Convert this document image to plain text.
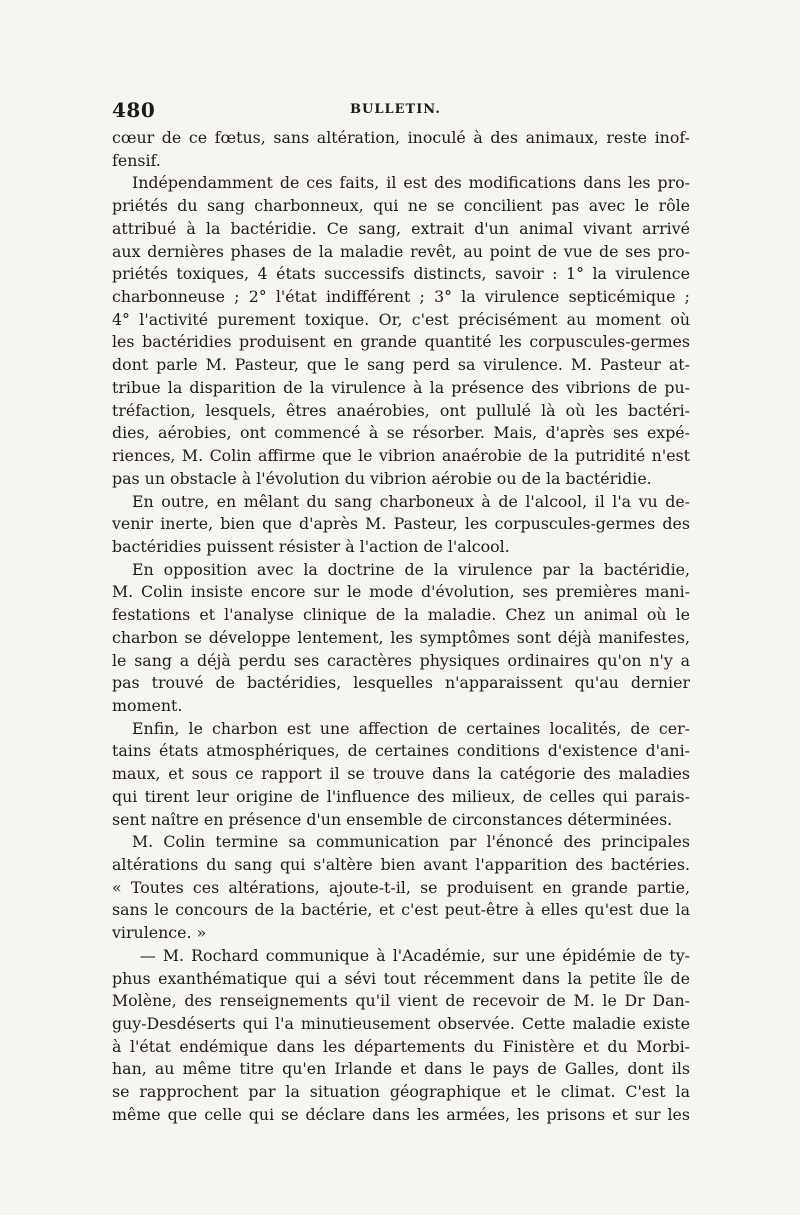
480	BULLETIN.
cœur de ce fœtus, sans altération, inoculé à des animaux, reste inof-
fensif.
Indépendamment de ces faits, il est des modifications dans les pro-
priétés du sang charbonneux, qui ne se concilient pas avec le rôle
attribué à la bactéridie. Ce sang, extrait d'un animal vivant arrivé
aux dernières phases de la maladie revêt, au point de vue de ses pro-
priétés toxiques, 4 états successifs distincts, savoir : 1° la virulence
charbonneuse ; 2° l'état indifférent ; 3° la virulence septicémique ;
4° l'activité purement toxique. Or, c'est précisément au moment où
les bactéridies produisent en grande quantité les corpuscules-germes
dont parle M. Pasteur, que le sang perd sa virulence. M. Pasteur at-
tribue la disparition de la virulence à la présence des vibrions de pu-
tréfaction, lesquels, êtres anaérobies, ont pullulé là où les bactéri-
dies, aérobies, ont commencé à se résorber. Mais, d'après ses expé-
riences, M. Colin affirme que le vibrion anaérobie de la putridité n'est
pas un obstacle à l'évolution du vibrion aérobie ou de la bactéridie.
En outre, en mêlant du sang charboneux à de l'alcool, il l'a vu de-
venir inerte, bien que d'après M. Pasteur, les corpuscules-germes des
bactéridies puissent résister à l'action de l'alcool.
En opposition avec la doctrine de la virulence par la bactéridie,
M. Colin insiste encore sur le mode d'évolution, ses premières mani-
festations et l'analyse clinique de la maladie. Chez un animal où le
charbon se développe lentement, les symptômes sont déjà manifestes,
le sang a déjà perdu ses caractères physiques ordinaires qu'on n'y a
pas trouvé de bactéridies, lesquelles n'apparaissent qu'au dernier
moment.
Enfin, le charbon est une affection de certaines localités, de cer-
tains états atmosphériques, de certaines conditions d'existence d'ani-
maux, et sous ce rapport il se trouve dans la catégorie des maladies
qui tirent leur origine de l'influence des milieux, de celles qui parais-
sent naître en présence d'un ensemble de circonstances déterminées.
M. Colin termine sa communication par l'énoncé des principales
altérations du sang qui s'altère bien avant l'apparition des bactéries.
« Toutes ces altérations, ajoute-t-il, se produisent en grande partie,
sans le concours de la bactérie, et c'est peut-être à elles qu'est due la
virulence. »
— M. Rochard communique à l'Académie, sur une épidémie de ty-
phus exanthématique qui a sévi tout récemment dans la petite île de
Molène, des renseignements qu'il vient de recevoir de M. le Dr Dan-
guy-Desdéserts qui l'a minutieusement observée. Cette maladie existe
à l'état endémique dans les départements du Finistère et du Morbi-
han, au même titre qu'en Irlande et dans le pays de Galles, dont ils
se rapprochent par la situation géographique et le climat. C'est la
même que celle qui se déclare dans les armées, les prisons et sur les
